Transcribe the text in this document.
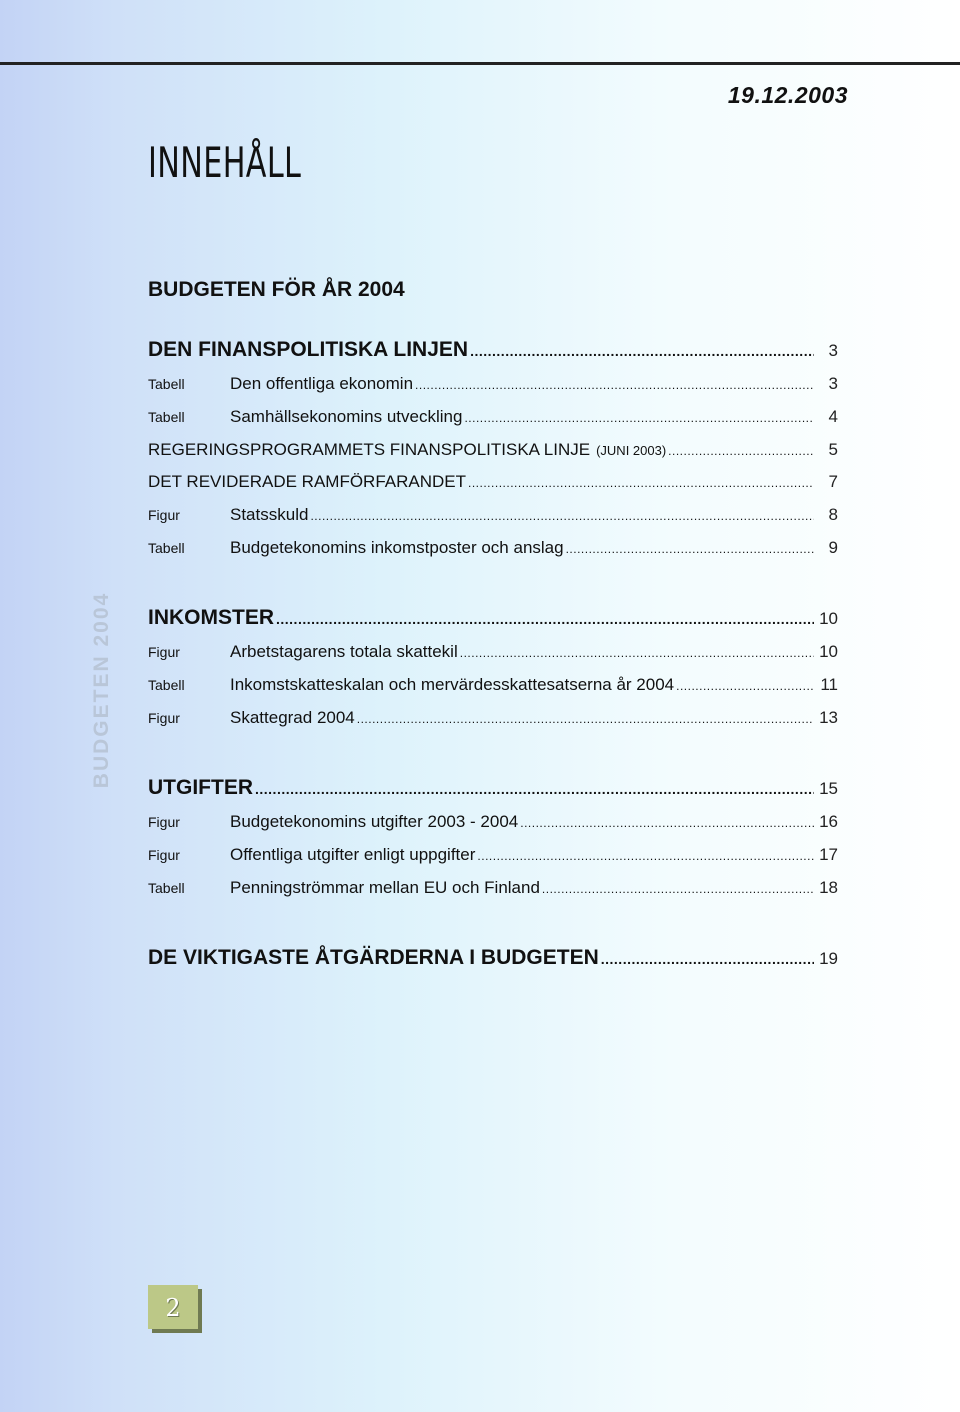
19.12.2003
INNEHÅLL
BUDGETEN 2004
BUDGETEN FÖR ÅR 2004
DEN FINANSPOLITISKA LINJEN .....	3
Tabell	Den offentliga ekonomin .....	3
Tabell	Samhällsekonomins utveckling .....	4
REGERINGSPROGRAMMETS FINANSPOLITISKA LINJE (JUNI 2003) .....	5
DET REVIDERADE RAMFÖRFARANDET .....	7
Figur	Statsskuld .....	8
Tabell	Budgetekonomins inkomstposter och anslag .....	9
INKOMSTER .....	10
Figur	Arbetstagarens totala skattekil .....	10
Tabell	Inkomstskatteskalan och mervärdesskattesatserna år 2004 .....	11
Figur	Skattegrad 2004 .....	13
UTGIFTER .....	15
Figur	Budgetekonomins utgifter 2003 - 2004 .....	16
Figur	Offentliga utgifter enligt uppgifter .....	17
Tabell	Penningströmmar mellan EU och Finland .....	18
DE VIKTIGASTE ÅTGÄRDERNA I BUDGETEN .....	19
2
